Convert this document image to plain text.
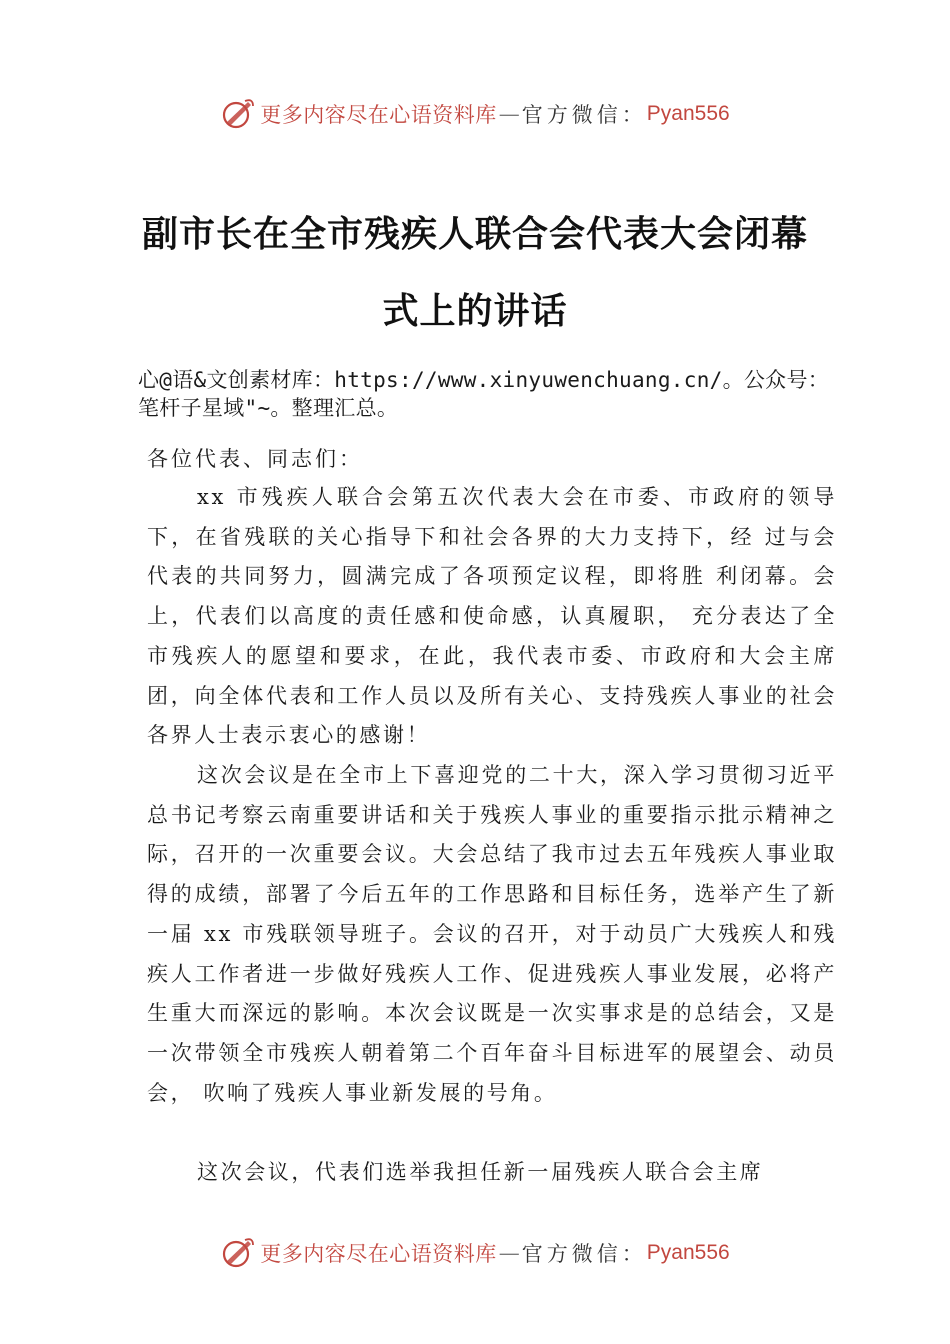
更多内容尽在心语资料库 — 官方微信： Pyan556
副市长在全市残疾人联合会代表大会闭幕
式上的讲话
心@语&文创素材库：https://www.xinyuwenchuang.cn/。公众号：笔杆子星域"~。整理汇总。
各位代表、同志们：

xx 市残疾人联合会第五次代表大会在市委、市政府的领导下，在省残联的关心指导下和社会各界的大力支持下，经 过与会代表的共同努力，圆满完成了各项预定议程，即将胜 利闭幕。会上，代表们以高度的责任感和使命感，认真履职， 充分表达了全市残疾人的愿望和要求，在此，我代表市委、市政府和大会主席团，向全体代表和工作人员以及所有关心、支持残疾人事业的社会各界人士表示衷心的感谢！

这次会议是在全市上下喜迎党的二十大，深入学习贯彻习近平总书记考察云南重要讲话和关于残疾人事业的重要指示批示精神之际，召开的一次重要会议。大会总结了我市过去五年残疾人事业取得的成绩，部署了今后五年的工作思路和目标任务，选举产生了新一届 xx 市残联领导班子。会议的召开，对于动员广大残疾人和残疾人工作者进一步做好残疾人工作、促进残疾人事业发展，必将产生重大而深远的影响。本次会议既是一次实事求是的总结会，又是一次带领全市残疾人朝着第二个百年奋斗目标进军的展望会、动员会， 吹响了残疾人事业新发展的号角。

这次会议，代表们选举我担任新一届残疾人联合会主席

更多内容尽在心语资料库 — 官方微信： Pyan556
